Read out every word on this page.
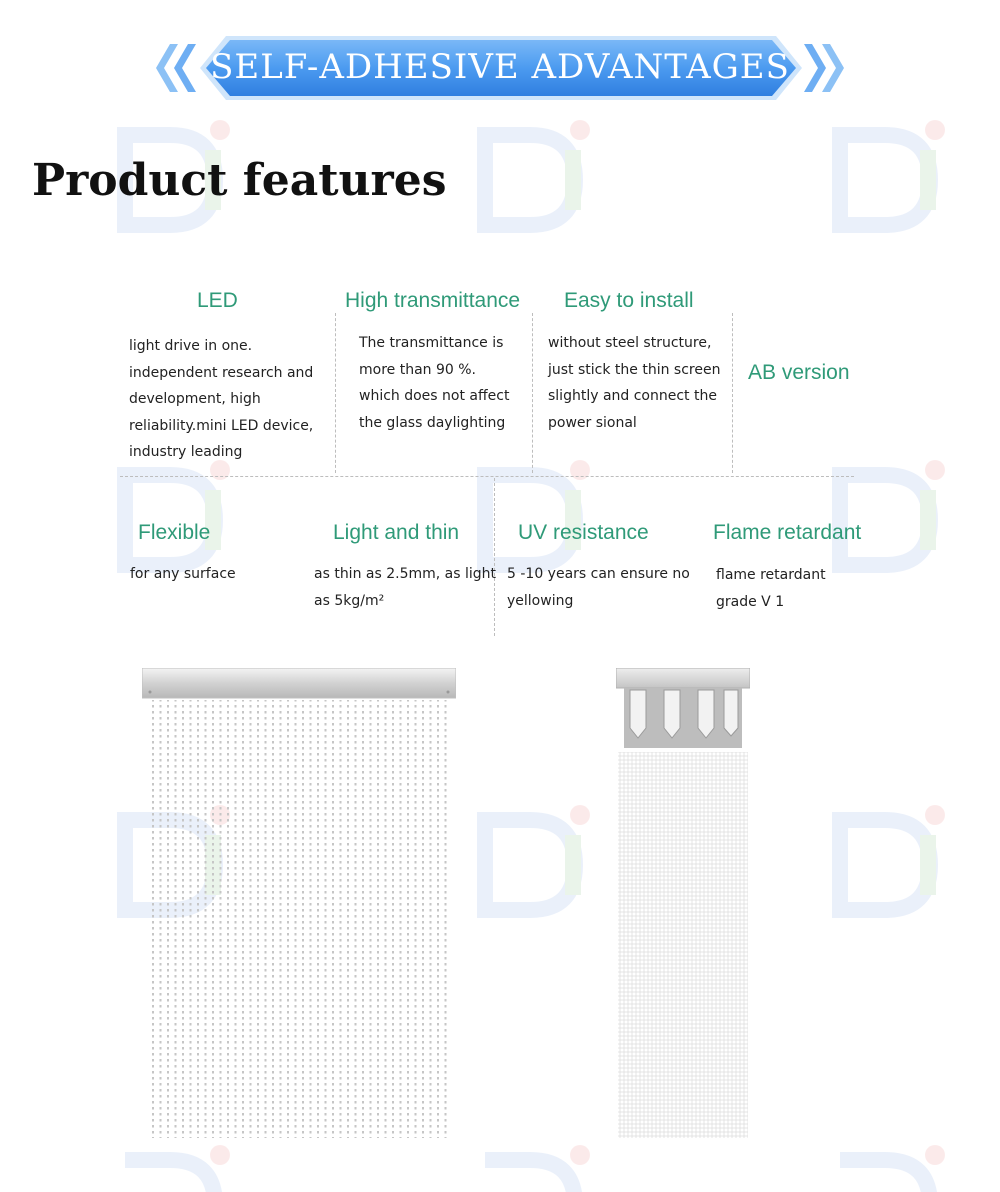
SELF-ADHESIVE ADVANTAGES
Product features
LED
light drive in one.
independent research and
development, high
reliability.mini LED device,
industry leading
High transmittance
The transmittance is
more than 90 %.
which does not affect
the glass daylighting
Easy to install
without steel structure,
just stick the thin screen
slightly and connect the
power sional
AB version
Flexible
for any surface
Light and thin
as thin as 2.5mm, as light
as 5kg/m²
UV resistance
5 -10 years can ensure no
yellowing
Flame retardant
flame retardant
grade V 1
